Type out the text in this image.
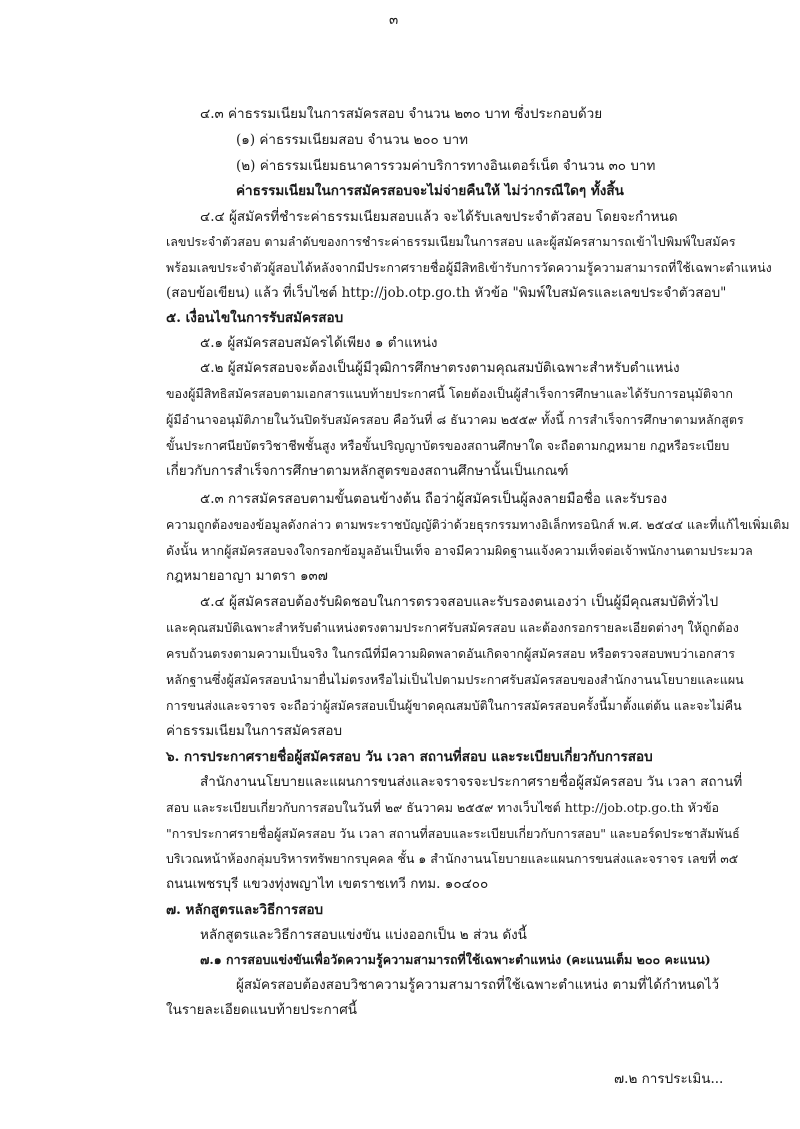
๓
๔.๓ ค่าธรรมเนียมในการสมัครสอบ จำนวน ๒๓๐ บาท ซึ่งประกอบด้วย
(๑) ค่าธรรมเนียมสอบ จำนวน ๒๐๐ บาท
(๒) ค่าธรรมเนียมธนาคารรวมค่าบริการทางอินเตอร์เน็ต จำนวน ๓๐ บาท
ค่าธรรมเนียมในการสมัครสอบจะไม่จ่ายคืนให้ ไม่ว่ากรณีใดๆ ทั้งสิ้น
๔.๔ ผู้สมัครที่ชำระค่าธรรมเนียมสอบแล้ว จะได้รับเลขประจำตัวสอบ โดยจะกำหนด
เลขประจำตัวสอบ ตามลำดับของการชำระค่าธรรมเนียมในการสอบ และผู้สมัครสามารถเข้าไปพิมพ์ใบสมัคร
พร้อมเลขประจำตัวผู้สอบได้หลังจากมีประกาศรายชื่อผู้มีสิทธิเข้ารับการวัดความรู้ความสามารถที่ใช้เฉพาะตำแหน่ง
(สอบข้อเขียน) แล้ว ที่เว็บไซต์ http://job.otp.go.th หัวข้อ "พิมพ์ใบสมัครและเลขประจำตัวสอบ"
๕. เงื่อนไขในการรับสมัครสอบ
๕.๑ ผู้สมัครสอบสมัครได้เพียง ๑ ตำแหน่ง
๕.๒ ผู้สมัครสอบจะต้องเป็นผู้มีวุฒิการศึกษาตรงตามคุณสมบัติเฉพาะสำหรับตำแหน่ง
ของผู้มีสิทธิสมัครสอบตามเอกสารแนบท้ายประกาศนี้ โดยต้องเป็นผู้สำเร็จการศึกษาและได้รับการอนุมัติจาก
ผู้มีอำนาจอนุมัติภายในวันปิดรับสมัครสอบ คือวันที่ ๘ ธันวาคม ๒๕๕๙ ทั้งนี้ การสำเร็จการศึกษาตามหลักสูตร
ขั้นประกาศนียบัตรวิชาชีพชั้นสูง หรือขั้นปริญญาบัตรของสถานศึกษาใด จะถือตามกฎหมาย กฎหรือระเบียบ
เกี่ยวกับการสำเร็จการศึกษาตามหลักสูตรของสถานศึกษานั้นเป็นเกณฑ์
๕.๓ การสมัครสอบตามขั้นตอนข้างต้น ถือว่าผู้สมัครเป็นผู้ลงลายมือชื่อ และรับรอง
ความถูกต้องของข้อมูลดังกล่าว ตามพระราชบัญญัติว่าด้วยธุรกรรมทางอิเล็กทรอนิกส์ พ.ศ. ๒๕๔๔ และที่แก้ไขเพิ่มเติม
ดังนั้น หากผู้สมัครสอบจงใจกรอกข้อมูลอันเป็นเท็จ อาจมีความผิดฐานแจ้งความเท็จต่อเจ้าพนักงานตามประมวล
กฎหมายอาญา มาตรา ๑๓๗
๕.๔ ผู้สมัครสอบต้องรับผิดชอบในการตรวจสอบและรับรองตนเองว่า เป็นผู้มีคุณสมบัติทั่วไป
และคุณสมบัติเฉพาะสำหรับตำแหน่งตรงตามประกาศรับสมัครสอบ และต้องกรอกรายละเอียดต่างๆ ให้ถูกต้อง
ครบถ้วนตรงตามความเป็นจริง ในกรณีที่มีความผิดพลาดอันเกิดจากผู้สมัครสอบ หรือตรวจสอบพบว่าเอกสาร
หลักฐานซึ่งผู้สมัครสอบนำมายื่นไม่ตรงหรือไม่เป็นไปตามประกาศรับสมัครสอบของสำนักงานนโยบายและแผน
การขนส่งและจราจร จะถือว่าผู้สมัครสอบเป็นผู้ขาดคุณสมบัติในการสมัครสอบครั้งนี้มาตั้งแต่ต้น และจะไม่คืน
ค่าธรรมเนียมในการสมัครสอบ
๖. การประกาศรายชื่อผู้สมัครสอบ วัน เวลา สถานที่สอบ และระเบียบเกี่ยวกับการสอบ
สำนักงานนโยบายและแผนการขนส่งและจราจรจะประกาศรายชื่อผู้สมัครสอบ วัน เวลา สถานที่
สอบ และระเบียบเกี่ยวกับการสอบในวันที่ ๒๙ ธันวาคม ๒๕๕๙ ทางเว็บไซต์ http://job.otp.go.th หัวข้อ
"การประกาศรายชื่อผู้สมัครสอบ วัน เวลา สถานที่สอบและระเบียบเกี่ยวกับการสอบ" และบอร์ดประชาสัมพันธ์
บริเวณหน้าห้องกลุ่มบริหารทรัพยากรบุคคล ชั้น ๑ สำนักงานนโยบายและแผนการขนส่งและจราจร เลขที่ ๓๕
ถนนเพชรบุรี แขวงทุ่งพญาไท เขตราชเทวี กทม. ๑๐๔๐๐
๗. หลักสูตรและวิธีการสอบ
หลักสูตรและวิธีการสอบแข่งขัน แบ่งออกเป็น ๒ ส่วน ดังนี้
๗.๑ การสอบแข่งขันเพื่อวัดความรู้ความสามารถที่ใช้เฉพาะตำแหน่ง (คะแนนเต็ม ๒๐๐ คะแนน)
ผู้สมัครสอบต้องสอบวิชาความรู้ความสามารถที่ใช้เฉพาะตำแหน่ง ตามที่ได้กำหนดไว้
ในรายละเอียดแนบท้ายประกาศนี้
๗.๒ การประเมิน...
